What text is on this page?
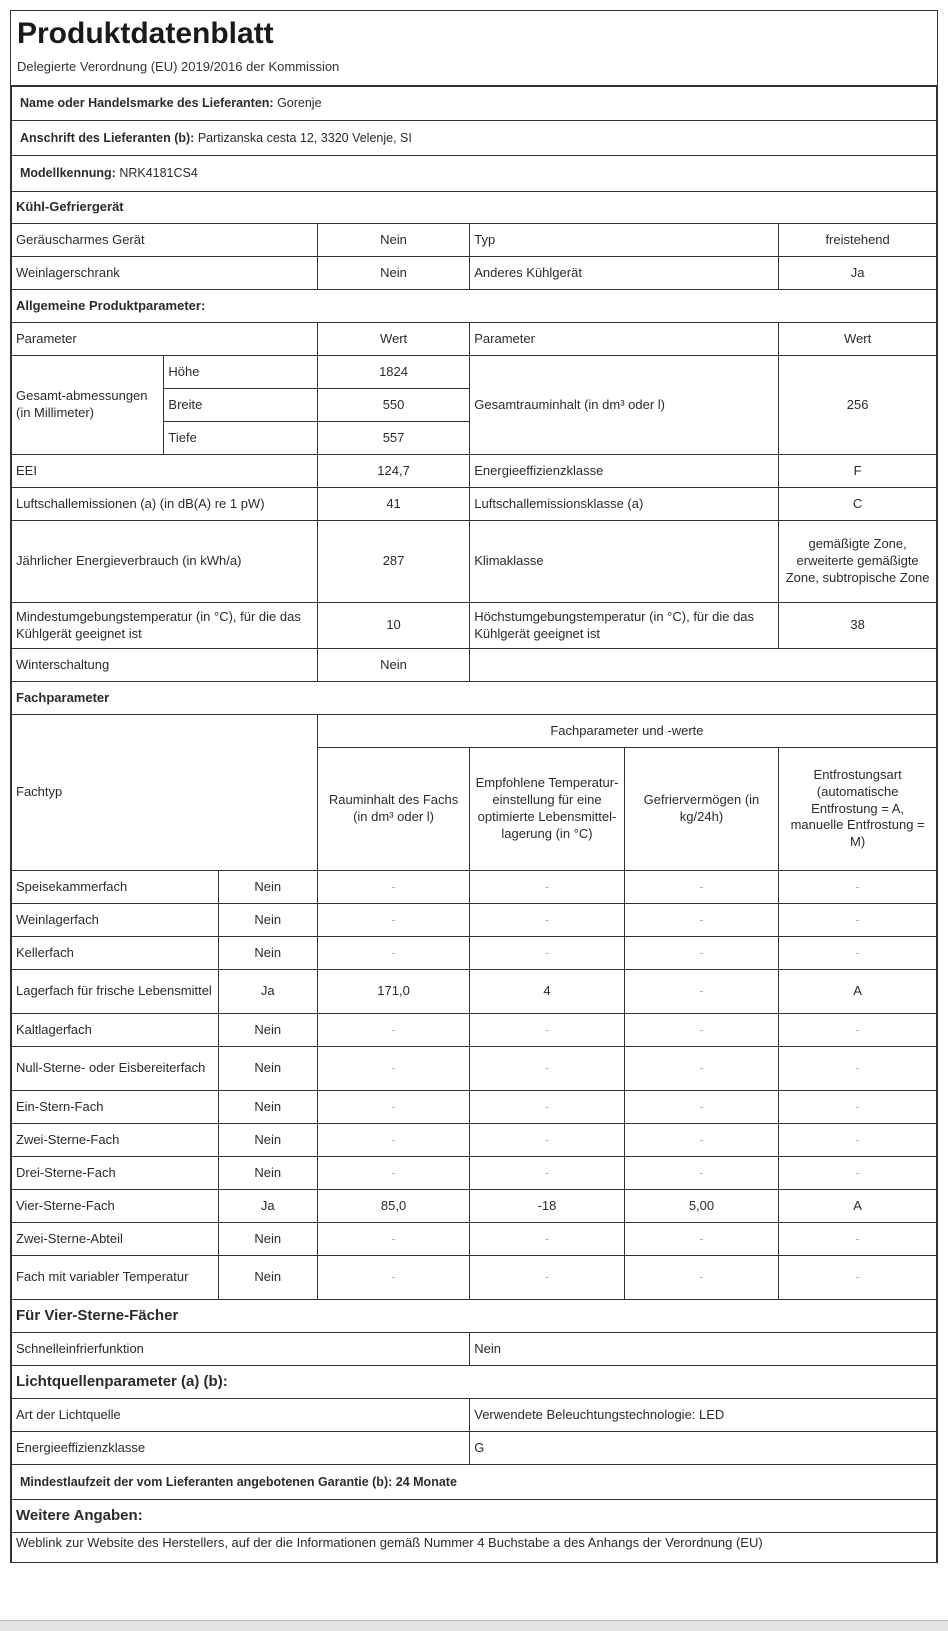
Produktdatenblatt
Delegierte Verordnung (EU) 2019/2016 der Kommission
Name oder Handelsmarke des Lieferanten: Gorenje						
Anschrift des Lieferanten (b): Partizanska cesta 12, 3320 Velenje, SI						
Modellkennung: NRK4181CS4						
Kühl-Gefriergerät						
Geräuscharmes Gerät			Nein	Typ		freistehend
Weinlagerschrank			Nein	Anderes Kühlgerät		Ja
Allgemeine Produktparameter:						
Parameter			Wert	Parameter		Wert
Gesamt-abmessungen (in Millimeter)	Höhe		1824	Gesamtrauminhalt (in dm³ oder l)		256
	Breite		550			
	Tiefe		557			
EEI			124,7	Energieeffizienzklasse		F
Luftschallemissionen (a) (in dB(A) re 1 pW)			41	Luftschallemissionsklasse (a)		C
Jährlicher Energieverbrauch (in kWh/a)			287	Klimaklasse		gemäßigte Zone, erweiterte gemäßigte Zone, subtropische Zone
Mindestumgebungstemperatur (in °C), für die das Kühlgerät geeignet ist			10	Höchstumgebungstemperatur (in °C), für die das Kühlgerät geeignet ist		38
Winterschaltung			Nein			
Fachparameter						
Fachtyp			Fachparameter und -werte			
			Rauminhalt des Fachs (in dm³ oder l)	Empfohlene Temperatur-einstellung für eine optimierte Lebensmittel-lagerung (in °C)	Gefriervermögen (in kg/24h)	Entfrostungsart (automatische Entfrostung = A, manuelle Entfrostung = M)
Speisekammerfach		Nein	-	-	-	-
Weinlagerfach		Nein	-	-	-	-
Kellerfach		Nein	-	-	-	-
Lagerfach für frische Lebensmittel		Ja	171,0	4	-	A
Kaltlagerfach		Nein	-	-	-	-
Null-Sterne- oder Eisbereiterfach		Nein	-	-	-	-
Ein-Stern-Fach		Nein	-	-	-	-
Zwei-Sterne-Fach		Nein	-	-	-	-
Drei-Sterne-Fach		Nein	-	-	-	-
Vier-Sterne-Fach		Ja	85,0	-18	5,00	A
Zwei-Sterne-Abteil		Nein	-	-	-	-
Fach mit variabler Temperatur		Nein	-	-	-	-
Für Vier-Sterne-Fächer						
Schnelleinfrierfunktion				Nein		
Lichtquellenparameter (a) (b):						
Art der Lichtquelle				Verwendete Beleuchtungstechnologie: LED		
Energieeffizienzklasse				G		
Mindestlaufzeit der vom Lieferanten angebotenen Garantie (b): 24 Monate						
Weitere Angaben:						
Weblink zur Website des Herstellers, auf der die Informationen gemäß Nummer 4 Buchstabe a des Anhangs der Verordnung (EU)						
